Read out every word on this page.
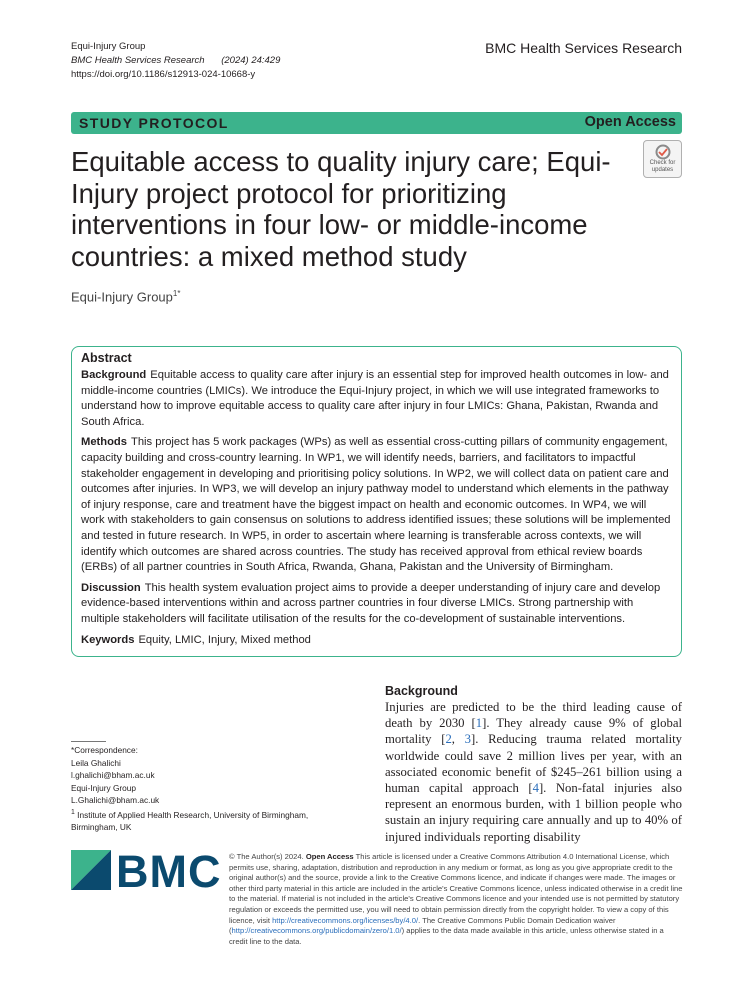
Equi-Injury Group
BMC Health Services Research (2024) 24:429
https://doi.org/10.1186/s12913-024-10668-y
BMC Health Services Research
STUDY PROTOCOL	Open Access
Equitable access to quality injury care; Equi-Injury project protocol for prioritizing interventions in four low- or middle-income countries: a mixed method study
Check for
updates
Equi-Injury Group$^{1*}$
Abstract

Background Equitable access to quality care after injury is an essential step for improved health outcomes in low- and middle-income countries (LMICs). We introduce the Equi-Injury project, in which we will use integrated frameworks to understand how to improve equitable access to quality care after injury in four LMICs: Ghana, Pakistan, Rwanda and South Africa.

Methods This project has 5 work packages (WPs) as well as essential cross-cutting pillars of community engagement, capacity building and cross-country learning. In WP1, we will identify needs, barriers, and facilitators to impactful stakeholder engagement in developing and prioritising policy solutions. In WP2, we will collect data on patient care and outcomes after injuries. In WP3, we will develop an injury pathway model to understand which elements in the pathway of injury response, care and treatment have the biggest impact on health and economic outcomes. In WP4, we will work with stakeholders to gain consensus on solutions to address identified issues; these solutions will be implemented and tested in future research. In WP5, in order to ascertain where learning is transferable across contexts, we will identify which outcomes are shared across countries. The study has received approval from ethical review boards (ERBs) of all partner countries in South Africa, Rwanda, Ghana, Pakistan and the University of Birmingham.

Discussion This health system evaluation project aims to provide a deeper understanding of injury care and develop evidence-based interventions within and across partner countries in four diverse LMICs. Strong partnership with multiple stakeholders will facilitate utilisation of the results for the co-development of sustainable interventions.

Keywords Equity, LMIC, Injury, Mixed method

*Correspondence:
Leila Ghalichi
l.ghalichi@bham.ac.uk
Equi-Injury Group
L.Ghalichi@bham.ac.uk
$^1$ Institute of Applied Health Research, University of Birmingham, Birmingham, UK
Background

Injuries are predicted to be the third leading cause of death by 2030 [1]. They already cause 9% of global mortality [2, 3]. Reducing trauma related mortality worldwide could save 2 million lives per year, with an associated economic benefit of $245–261 billion using a human capital approach [4]. Non-fatal injuries also represent an enormous burden, with 1 billion people who sustain an injury requiring care annually and up to 40% of injured individuals reporting disability

BMC © The Author(s) 2024. Open Access This article is licensed under a Creative Commons Attribution 4.0 International License, which permits use, sharing, adaptation, distribution and reproduction in any medium or format, as long as you give appropriate credit to the original author(s) and the source, provide a link to the Creative Commons licence, and indicate if changes were made. The images or other third party material in this article are included in the article's Creative Commons licence, unless indicated otherwise in a credit line to the material. If material is not included in the article's Creative Commons licence and your intended use is not permitted by statutory regulation or exceeds the permitted use, you will need to obtain permission directly from the copyright holder. To view a copy of this licence, visit http://creativecommons.org/licenses/by/4.0/. The Creative Commons Public Domain Dedication waiver (http://creativecommons.org/publicdomain/zero/1.0/) applies to the data made available in this article, unless otherwise stated in a credit line to the data.
